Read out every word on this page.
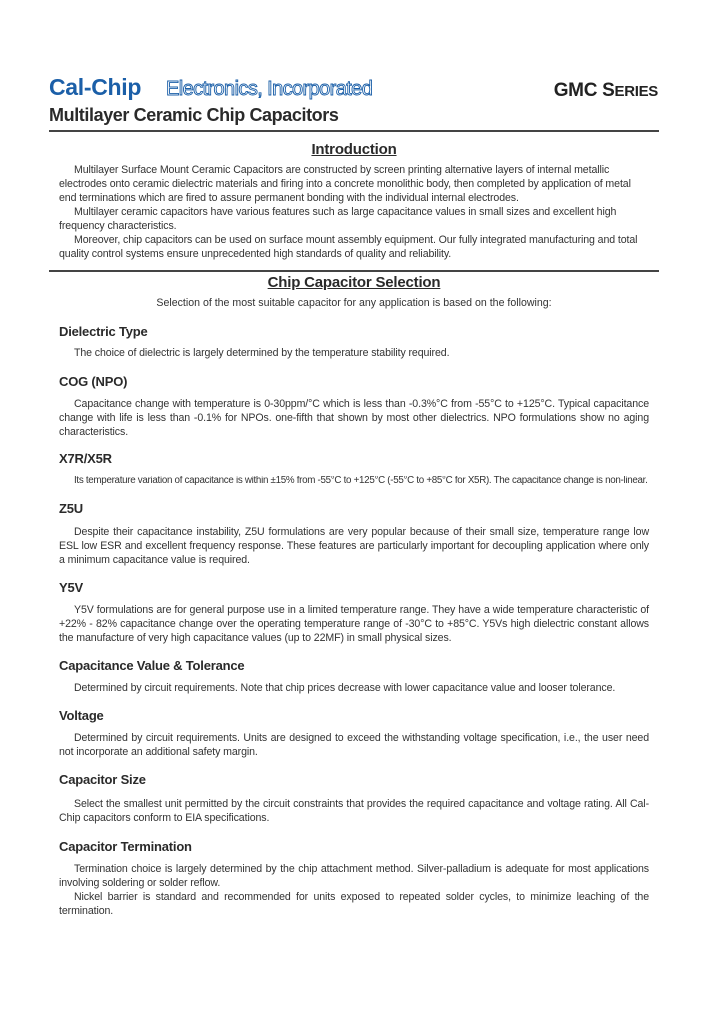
Cal-Chip Electronics, Incorporated	GMC SERIES
Multilayer Ceramic Chip Capacitors
Introduction

Multilayer Surface Mount Ceramic Capacitors are constructed by screen printing alternative layers of internal metallic electrodes onto ceramic dielectric materials and firing into a concrete monolithic body, then completed by application of metal end terminations which are fired to assure permanent bonding with the individual internal electrodes.

Multilayer ceramic capacitors have various features such as large capacitance values in small sizes and excellent high frequency characteristics.

Moreover, chip capacitors can be used on surface mount assembly equipment. Our fully integrated manufacturing and total quality control systems ensure unprecedented high standards of quality and reliability.

Chip Capacitor Selection
Selection of the most suitable capacitor for any application is based on the following:
Dielectric Type

The choice of dielectric is largely determined by the temperature stability required.

COG (NPO)

Capacitance change with temperature is 0-30ppm/°C which is less than -0.3%°C from -55°C to +125°C. Typical capacitance change with life is less than -0.1% for NPOs. one-fifth that shown by most other dielectrics. NPO formulations show no aging characteristics.

X7R/X5R
Its temperature variation of capacitance is within ±15% from -55°C to +125°C (-55°C to +85°C for X5R). The capacitance change is non-linear.
Z5U

Despite their capacitance instability, Z5U formulations are very popular because of their small size, temperature range low ESL low ESR and excellent frequency response. These features are particularly important for decoupling application where only a minimum capacitance value is required.

Y5V

Y5V formulations are for general purpose use in a limited temperature range. They have a wide temperature characteristic of +22% - 82% capacitance change over the operating temperature range of -30°C to +85°C. Y5Vs high dielectric constant allows the manufacture of very high capacitance values (up to 22MF) in small physical sizes.

Capacitance Value & Tolerance

Determined by circuit requirements. Note that chip prices decrease with lower capacitance value and looser tolerance.

Voltage

Determined by circuit requirements. Units are designed to exceed the withstanding voltage specification, i.e., the user need not incorporate an additional safety margin.

Capacitor Size

Select the smallest unit permitted by the circuit constraints that provides the required capacitance and voltage rating. All Cal-Chip capacitors conform to EIA specifications.

Capacitor Termination

Termination choice is largely determined by the chip attachment method. Silver-palladium is adequate for most applications involving soldering or solder reflow.

Nickel barrier is standard and recommended for units exposed to repeated solder cycles, to minimize leaching of the termination.
